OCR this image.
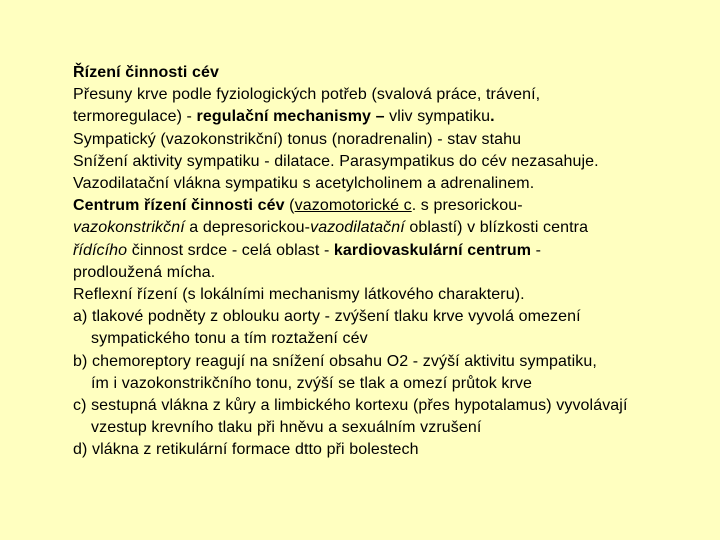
Řízení činnosti cév
Přesuny krve podle fyziologických potřeb (svalová práce, trávení,
termoregulace) - regulační mechanismy – vliv sympatiku.
Sympatický (vazokonstrikční) tonus (noradrenalin) - stav stahu
Snížení aktivity sympatiku - dilatace. Parasympatikus do cév nezasahuje.
Vazodilatační vlákna sympatiku s acetylcholinem a adrenalinem.
Centrum řízení činnosti cév (vazomotorické c. s presorickou-
vazokonstrikční a depresorickou-vazodilatační oblastí) v blízkosti centra
řídícího činnost srdce - celá oblast - kardiovaskulární centrum -
prodloužená mícha.
Reflexní řízení (s lokálními mechanismy látkového charakteru).
a) tlakové podněty z oblouku aorty - zvýšení tlaku krve vyvolá omezení
sympatického tonu a tím roztažení cév
b) chemoreptory reagují na snížení obsahu O2 - zvýší aktivitu sympatiku,
ím i vazokonstrikčního tonu, zvýší se tlak a omezí průtok krve
c) sestupná vlákna z kůry a limbického kortexu (přes hypotalamus) vyvolávají
vzestup krevního tlaku při hněvu a sexuálním vzrušení
d) vlákna z retikulární formace dtto při bolestech
